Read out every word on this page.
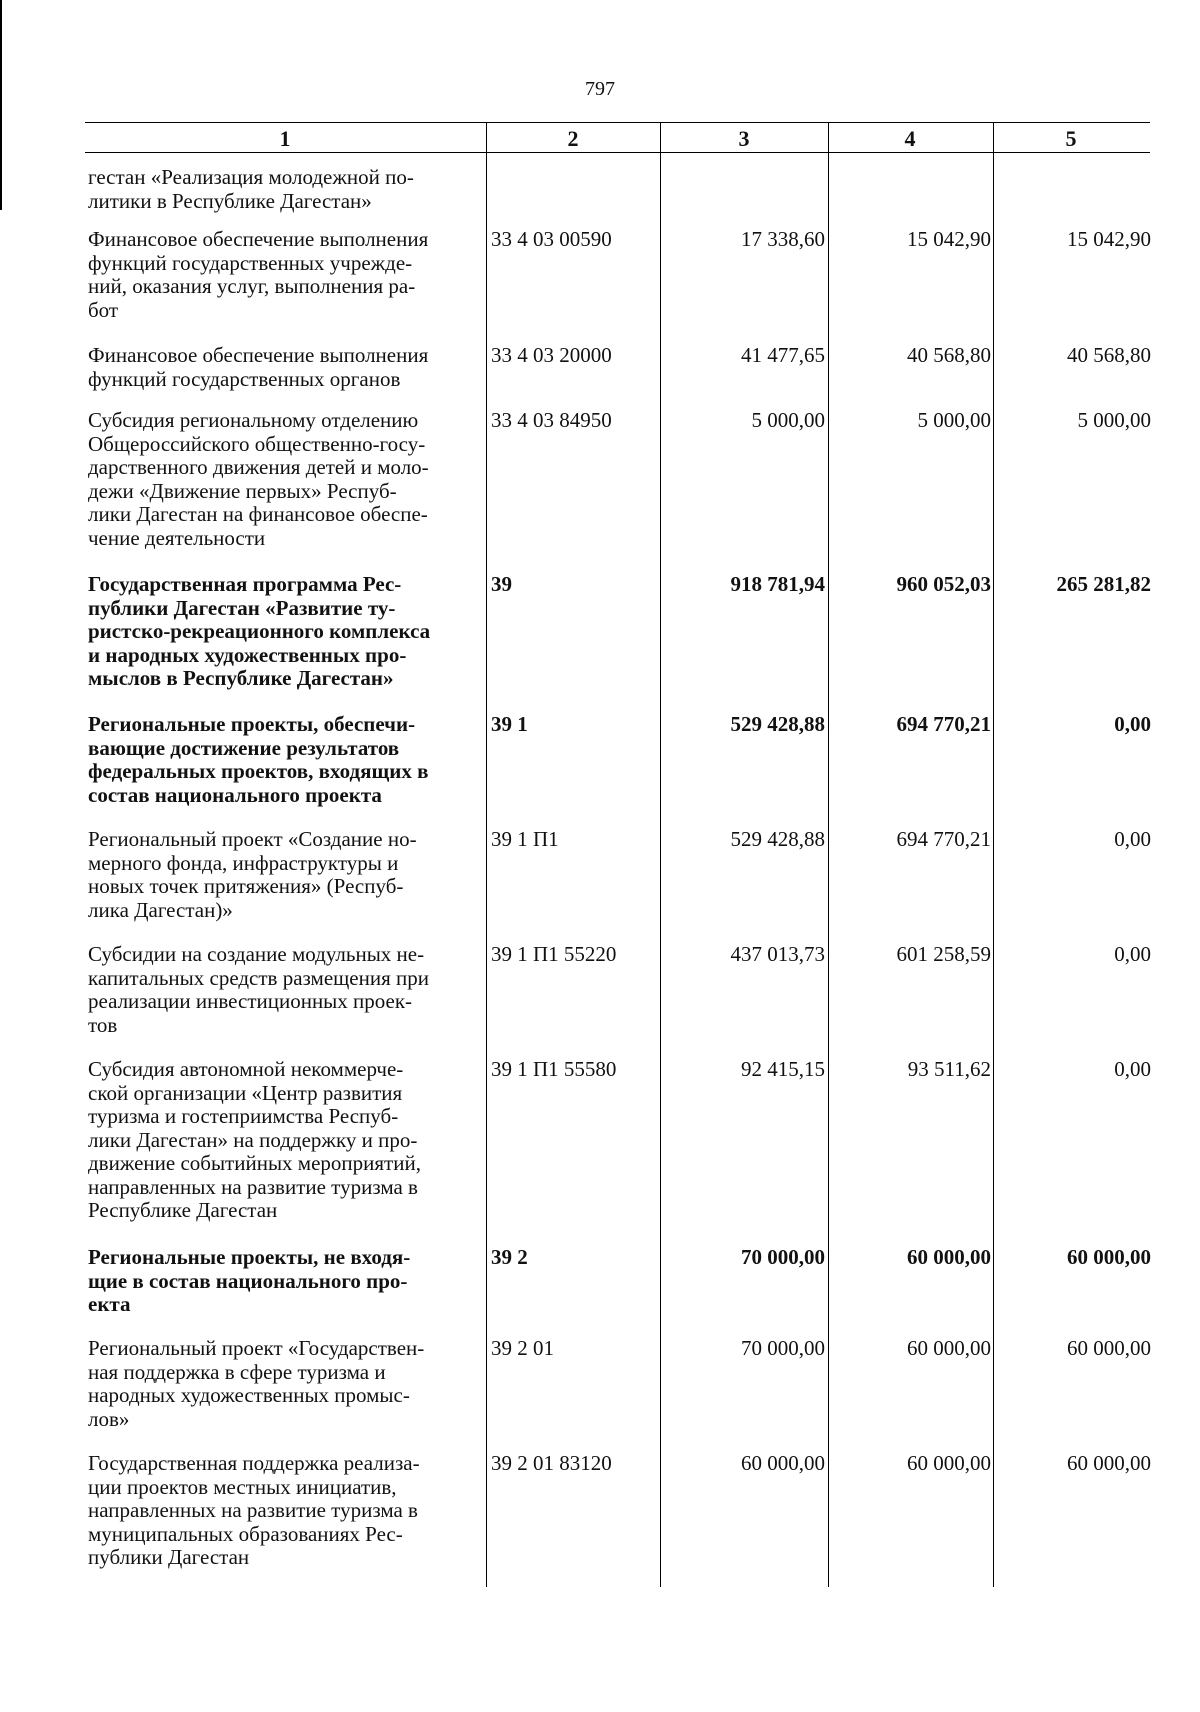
797
1	2	3	4	5
гестан «Реализация молодежной по-
литики в Республике Дагестан»
Финансовое обеспечение выполнения
функций государственных учрежде-
ний, оказания услуг, выполнения ра-
бот
33 4 03 00590	17 338,60	15 042,90	15 042,90
Финансовое обеспечение выполнения
функций государственных органов
33 4 03 20000	41 477,65	40 568,80	40 568,80
Субсидия региональному отделению
Общероссийского общественно-госу-
дарственного движения детей и моло-
дежи «Движение первых» Респуб-
лики Дагестан на финансовое обеспе-
чение деятельности
33 4 03 84950	5 000,00	5 000,00	5 000,00
Государственная программа Рес-
публики Дагестан «Развитие ту-
ристско-рекреационного комплекса
и народных художественных про-
мыслов в Республике Дагестан»
39	918 781,94	960 052,03	265 281,82
Региональные проекты, обеспечи-
вающие достижение результатов
федеральных проектов, входящих в
состав национального проекта
39 1	529 428,88	694 770,21	0,00
Региональный проект «Создание но-
мерного фонда, инфраструктуры и
новых точек притяжения» (Респуб-
лика Дагестан)»
39 1 П1	529 428,88	694 770,21	0,00
Субсидии на создание модульных не-
капитальных средств размещения при
реализации инвестиционных проек-
тов
39 1 П1 55220	437 013,73	601 258,59	0,00
Субсидия автономной некоммерче-
ской организации «Центр развития
туризма и гостеприимства Респуб-
лики Дагестан» на поддержку и про-
движение событийных мероприятий,
направленных на развитие туризма в
Республике Дагестан
39 1 П1 55580	92 415,15	93 511,62	0,00
Региональные проекты, не входя-
щие в состав национального про-
екта
39 2	70 000,00	60 000,00	60 000,00
Региональный проект «Государствен-
ная поддержка в сфере туризма и
народных художественных промыс-
лов»
39 2 01	70 000,00	60 000,00	60 000,00
Государственная поддержка реализа-
ции проектов местных инициатив,
направленных на развитие туризма в
муниципальных образованиях Рес-
публики Дагестан
39 2 01 83120	60 000,00	60 000,00	60 000,00
